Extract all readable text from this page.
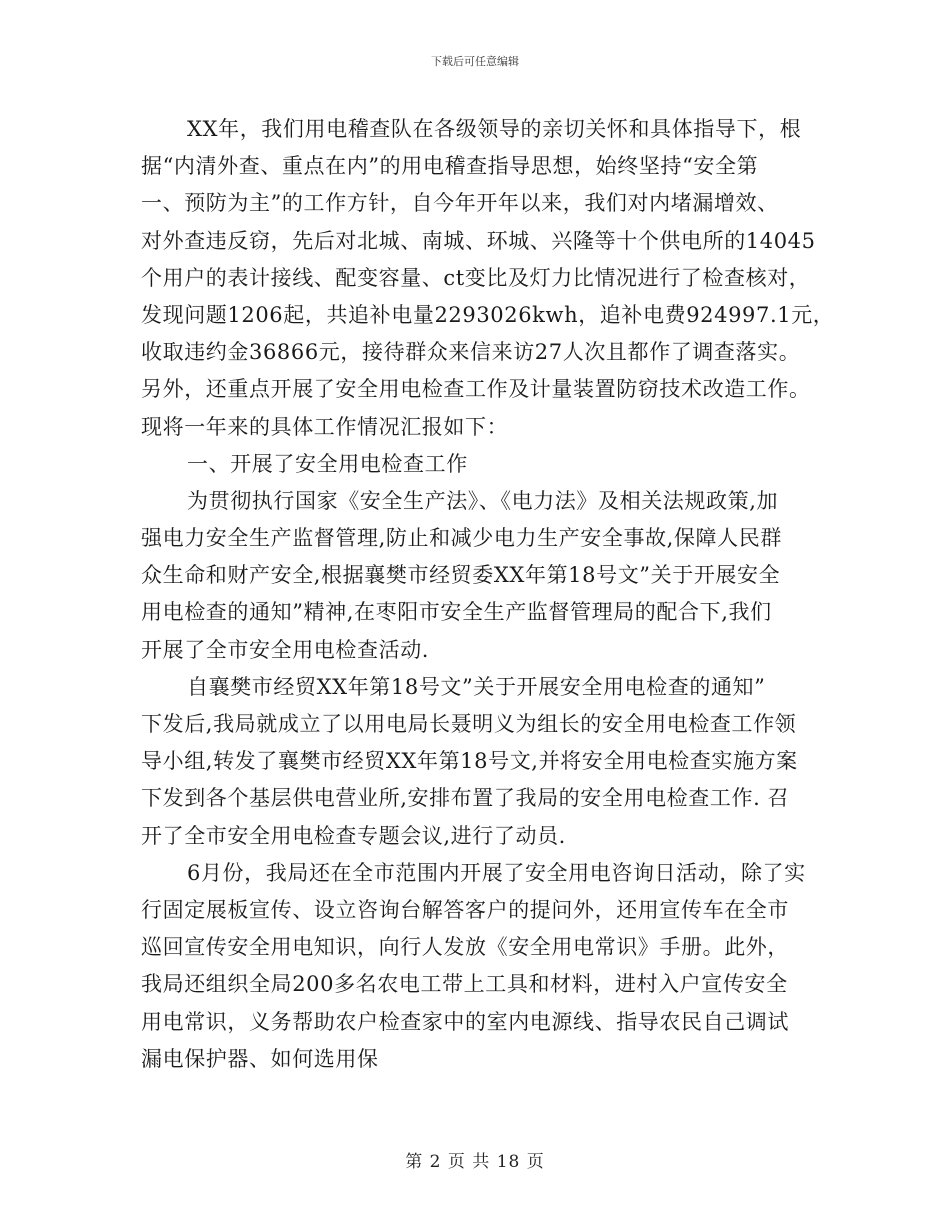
下载后可任意编辑
XX年，我们用电稽查队在各级领导的亲切关怀和具体指导下，根
据“内清外查、重点在内”的用电稽查指导思想，始终坚持“安全第
一、预防为主”的工作方针，自今年开年以来，我们对内堵漏增效、
对外查违反窃，先后对北城、南城、环城、兴隆等十个供电所的14045
个用户的表计接线、配变容量、ct变比及灯力比情况进行了检查核对，
发现问题1206起，共追补电量2293026kwh，追补电费924997.1元，
收取违约金36866元，接待群众来信来访27人次且都作了调查落实。
另外，还重点开展了安全用电检查工作及计量装置防窃技术改造工作。
现将一年来的具体工作情况汇报如下：
一、开展了安全用电检查工作
为贯彻执行国家《安全生产法》、《电力法》及相关法规政策,加
强电力安全生产监督管理,防止和减少电力生产安全事故,保障人民群
众生命和财产安全,根据襄樊市经贸委XX年第18号文”关于开展安全
用电检查的通知”精神,在枣阳市安全生产监督管理局的配合下,我们
开展了全市安全用电检查活动.
自襄樊市经贸XX年第18号文”关于开展安全用电检查的通知”
下发后,我局就成立了以用电局长聂明义为组长的安全用电检查工作领
导小组,转发了襄樊市经贸XX年第18号文,并将安全用电检查实施方案
下发到各个基层供电营业所,安排布置了我局的安全用电检查工作. 召
开了全市安全用电检查专题会议,进行了动员.
6月份，我局还在全市范围内开展了安全用电咨询日活动，除了实
行固定展板宣传、设立咨询台解答客户的提问外，还用宣传车在全市
巡回宣传安全用电知识，向行人发放《安全用电常识》手册。此外，
我局还组织全局200多名农电工带上工具和材料，进村入户宣传安全
用电常识，义务帮助农户检查家中的室内电源线、指导农民自己调试
漏电保护器、如何选用保
第 2 页 共 18 页
